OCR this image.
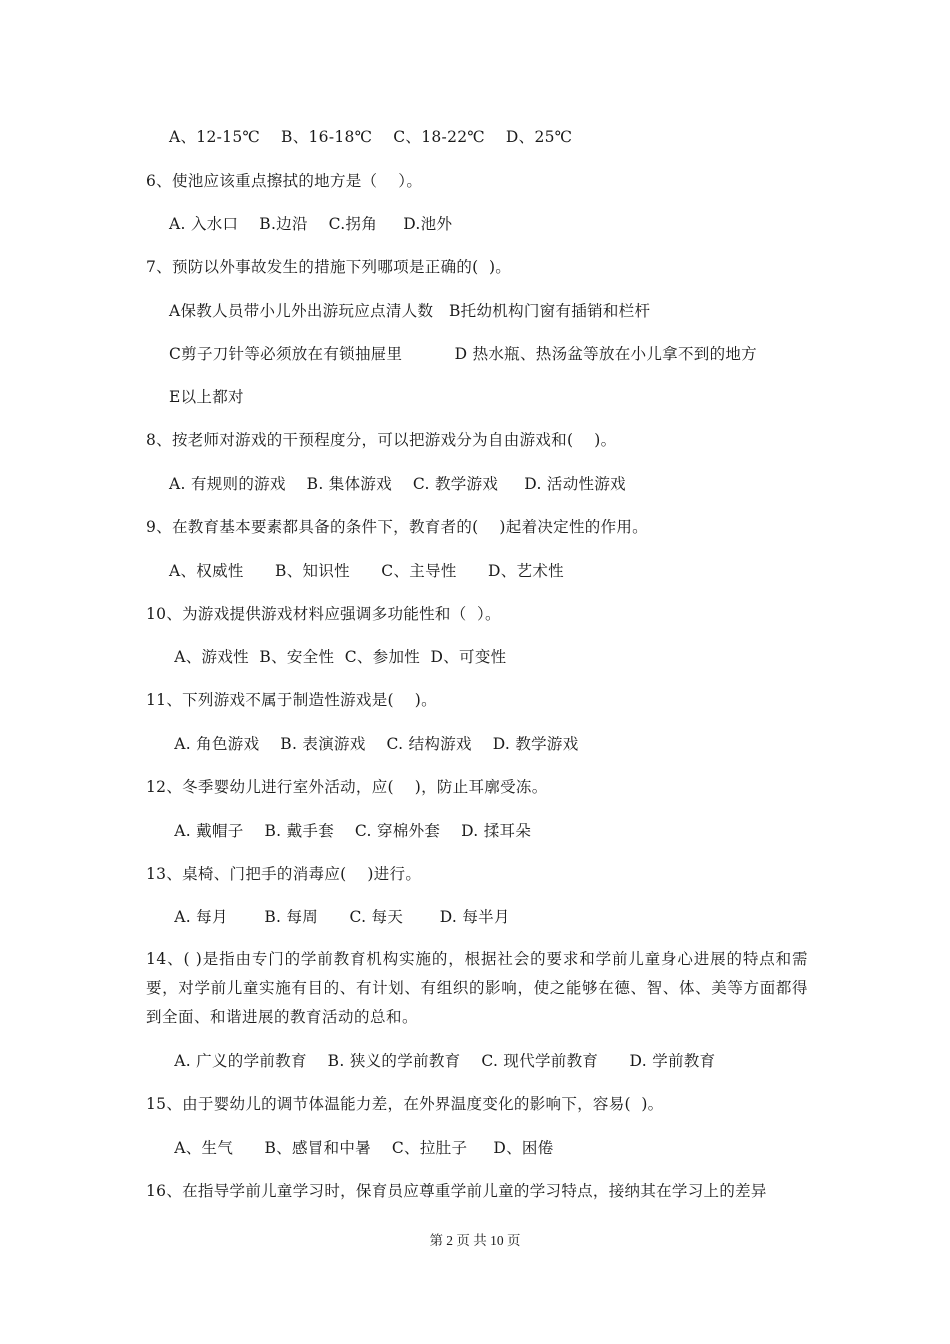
A、12-15℃    B、16-18℃    C、18-22℃    D、25℃
6、使池应该重点擦拭的地方是（    ）。
A. 入水口    B.边沿    C.拐角     D.池外
7、预防以外事故发生的措施下列哪项是正确的(  )。
A保教人员带小儿外出游玩应点清人数   B托幼机构门窗有插销和栏杆
C剪子刀针等必须放在有锁抽屉里          D 热水瓶、热汤盆等放在小儿拿不到的地方
E以上都对
8、按老师对游戏的干预程度分，可以把游戏分为自由游戏和(    )。
A. 有规则的游戏    B. 集体游戏    C. 教学游戏     D. 活动性游戏
9、在教育基本要素都具备的条件下，教育者的(    )起着决定性的作用。
A、权威性      B、知识性      C、主导性      D、艺术性
10、为游戏提供游戏材料应强调多功能性和（  ）。
A、游戏性  B、安全性  C、参加性  D、可变性
11、下列游戏不属于制造性游戏是(    )。
A. 角色游戏    B. 表演游戏    C. 结构游戏    D. 教学游戏
12、冬季婴幼儿进行室外活动，应(    )，防止耳廓受冻。
A. 戴帽子    B. 戴手套    C. 穿棉外套    D. 揉耳朵
13、桌椅、门把手的消毒应(    )进行。
A. 每月       B. 每周      C. 每天       D. 每半月
14、( )是指由专门的学前教育机构实施的，根据社会的要求和学前儿童身心进展的特点和需要，对学前儿童实施有目的、有计划、有组织的影响，使之能够在德、智、体、美等方面都得到全面、和谐进展的教育活动的总和。
A. 广义的学前教育    B. 狭义的学前教育    C. 现代学前教育      D. 学前教育
15、由于婴幼儿的调节体温能力差，在外界温度变化的影响下，容易(  )。
A、生气      B、感冒和中暑    C、拉肚子     D、困倦
16、在指导学前儿童学习时，保育员应尊重学前儿童的学习特点，接纳其在学习上的差异
第 2 页 共 10 页
